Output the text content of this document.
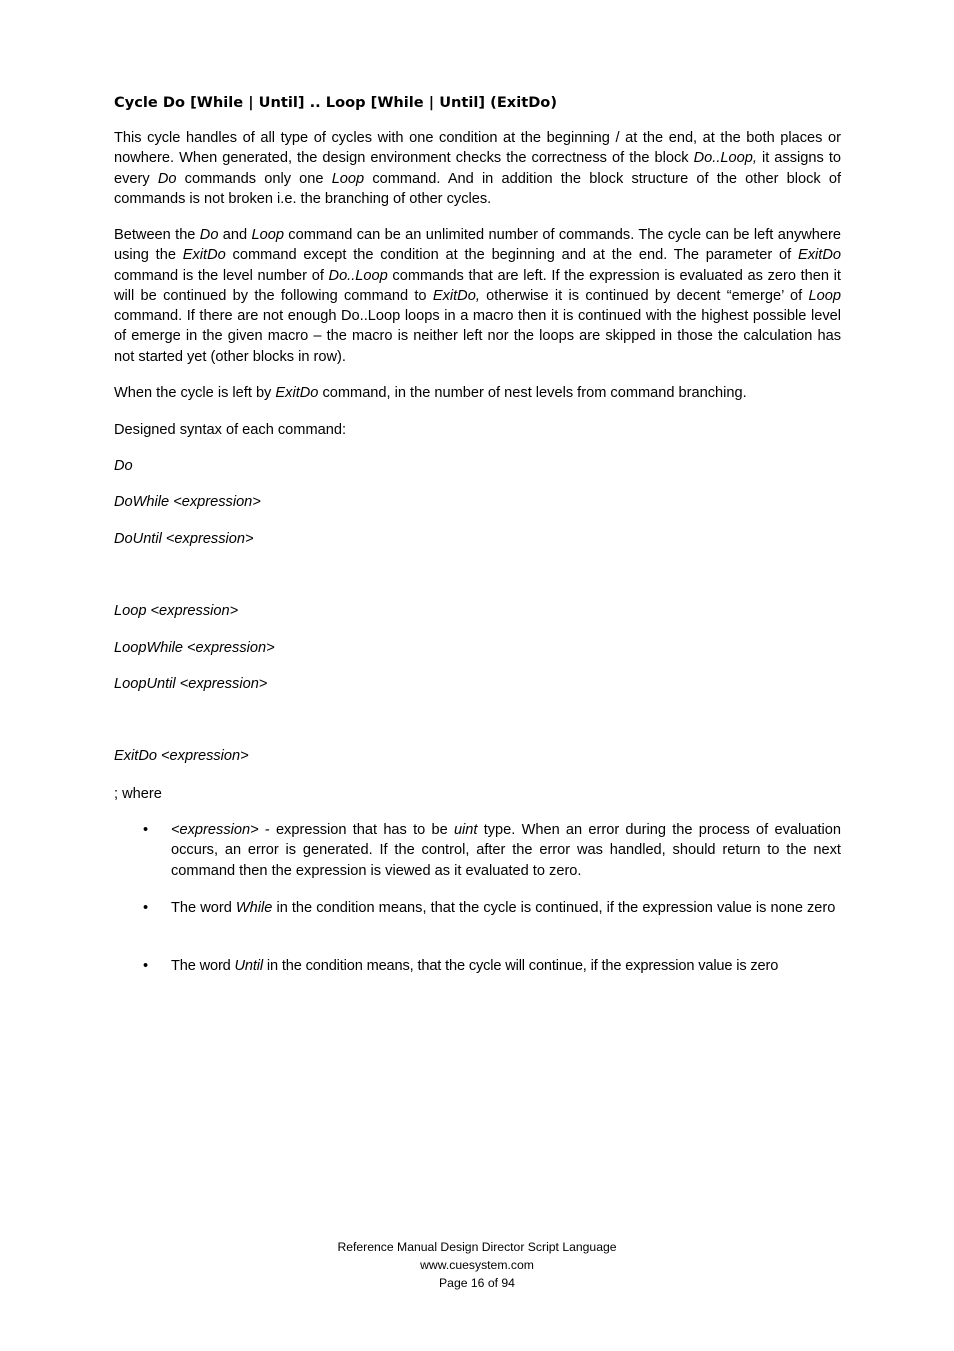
Cycle Do [While | Until] .. Loop [While | Until] (ExitDo)

This cycle handles of all type of cycles with one condition at the beginning / at the end, at the both places or nowhere. When generated, the design environment checks the correctness of the block Do..Loop, it assigns to every Do commands only one Loop command. And in addition the block structure of the other block of commands is not broken i.e. the branching of other cycles.

Between the Do and Loop command can be an unlimited number of commands. The cycle can be left anywhere using the ExitDo command except the condition at the beginning and at the end. The parameter of ExitDo command is the level number of Do..Loop commands that are left. If the expression is evaluated as zero then it will be continued by the following command to ExitDo, otherwise it is continued by decent “emerge’ of Loop command. If there are not enough Do..Loop loops in a macro then it is continued with the highest possible level of emerge in the given macro – the macro is neither left nor the loops are skipped in those the calculation has not started yet (other blocks in row).

When the cycle is left by ExitDo command, in the number of nest levels from command branching.

Designed syntax of each command:

Do

DoWhile <expression>

DoUntil <expression>

Loop <expression>

LoopWhile <expression>

LoopUntil <expression>

ExitDo <expression>

; where

• <expression> - expression that has to be uint type. When an error during the process of evaluation occurs, an error is generated. If the control, after the error was handled, should return to the next command then the expression is viewed as it evaluated to zero.

• The word While in the condition means, that the cycle is continued, if the expression value is none zero

• The word Until in the condition means, that the cycle will continue, if the expression value is zero

Reference Manual Design Director Script Language
www.cuesystem.com
Page 16 of 94
